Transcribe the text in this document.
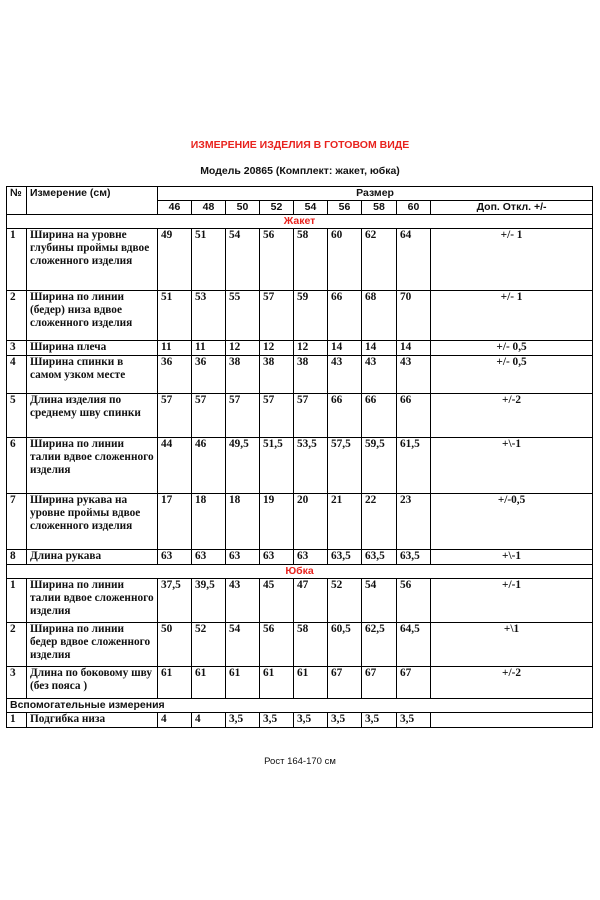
ИЗМЕРЕНИЕ ИЗДЕЛИЯ В ГОТОВОМ ВИДЕ
Модель 20865 (Комплект: жакет, юбка)
№	Измерение (см)	Размер								
		46	48	50	52	54	56	58	60	Доп. Откл. +/-
Жакет										
1	Ширина на уровне глубины проймы вдвое сложенного изделия	49	51	54	56	58	60	62	64	+/- 1
2	Ширина по линии (бедер) низа вдвое сложенного изделия	51	53	55	57	59	66	68	70	+/- 1
3	Ширина плеча	11	11	12	12	12	14	14	14	+/- 0,5
4	Ширина спинки в самом узком месте	36	36	38	38	38	43	43	43	+/- 0,5
5	Длина изделия по среднему шву спинки	57	57	57	57	57	66	66	66	+/-2
6	Ширина по линии талии вдвое сложенного изделия	44	46	49,5	51,5	53,5	57,5	59,5	61,5	+\-1
7	Ширина рукава на уровне проймы вдвое сложенного изделия	17	18	18	19	20	21	22	23	+/-0,5
8	Длина рукава	63	63	63	63	63	63,5	63,5	63,5	+\-1
Юбка										
1	Ширина по линии талии вдвое сложенного изделия	37,5	39,5	43	45	47	52	54	56	+/-1
2	Ширина по линии бедер вдвое сложенного изделия	50	52	54	56	58	60,5	62,5	64,5	+\1
3	Длина по боковому шву (без пояса )	61	61	61	61	61	67	67	67	+/-2
Вспомогательные измерения										
1	Подгибка низа	4	4	3,5	3,5	3,5	3,5	3,5	3,5	
Рост 164-170 см
